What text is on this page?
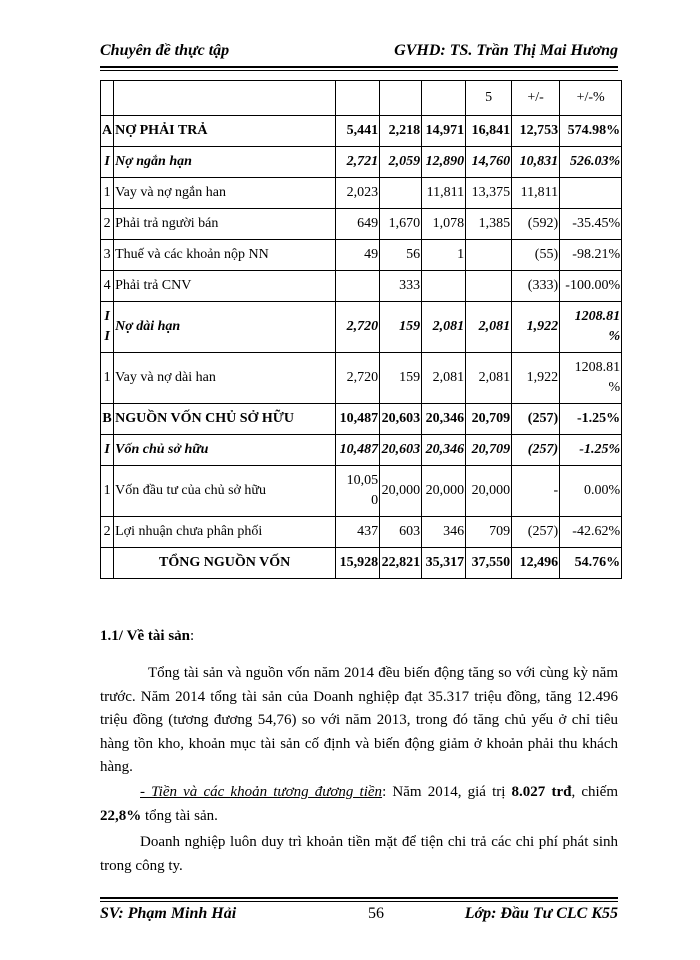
Chuyên đề thực tập	GVHD: TS. Trần Thị Mai Hương
					5	+/-	+/-%
A	NỢ PHẢI TRẢ	5,441	2,218	14,971	16,841	12,753	574.98%
I	Nợ ngắn hạn	2,721	2,059	12,890	14,760	10,831	526.03%
1	Vay và nợ ngắn han	2,023		11,811	13,375	11,811	
2	Phải trả người bán	649	1,670	1,078	1,385	(592)	-35.45%
3	Thuế và các khoản nộp NN	49	56	1		(55)	-98.21%
4	Phải trả CNV		333			(333)	-100.00%
I I	Nợ dài hạn	2,720	159	2,081	2,081	1,922	1208.81 %
1	Vay và nợ dài han	2,720	159	2,081	2,081	1,922	1208.81 %
B	NGUỒN VỐN CHỦ SỞ HỮU	10,487	20,603	20,346	20,709	(257)	-1.25%
I	Vốn chủ sở hữu	10,487	20,603	20,346	20,709	(257)	-1.25%
1	Vốn đầu tư của chủ sở hữu	10,05 0	20,000	20,000	20,000	-	0.00%
2	Lợi nhuận chưa phân phối	437	603	346	709	(257)	-42.62%
	TỔNG NGUỒN VỐN	15,928	22,821	35,317	37,550	12,496	54.76%
1.1/ Về tài sản:
Tổng tài sản và nguồn vốn năm 2014 đều biến động tăng so với cùng kỳ năm trước. Năm 2014 tổng tài sản của Doanh nghiệp đạt 35.317 triệu đồng, tăng 12.496 triệu đồng (tương đương 54,76) so với năm 2013, trong đó tăng chủ yếu ở chỉ tiêu hàng tồn kho, khoản mục tài sản cố định và biến động giảm ở khoản phải thu khách hàng.
- Tiền và các khoản tương đương tiền: Năm 2014, giá trị 8.027 trđ, chiếm 22,8% tổng tài sản.
Doanh nghiệp luôn duy trì khoản tiền mặt để tiện chi trả các chi phí phát sinh trong công ty.
SV: Phạm Minh Hải	56	Lớp: Đầu Tư CLC K55
